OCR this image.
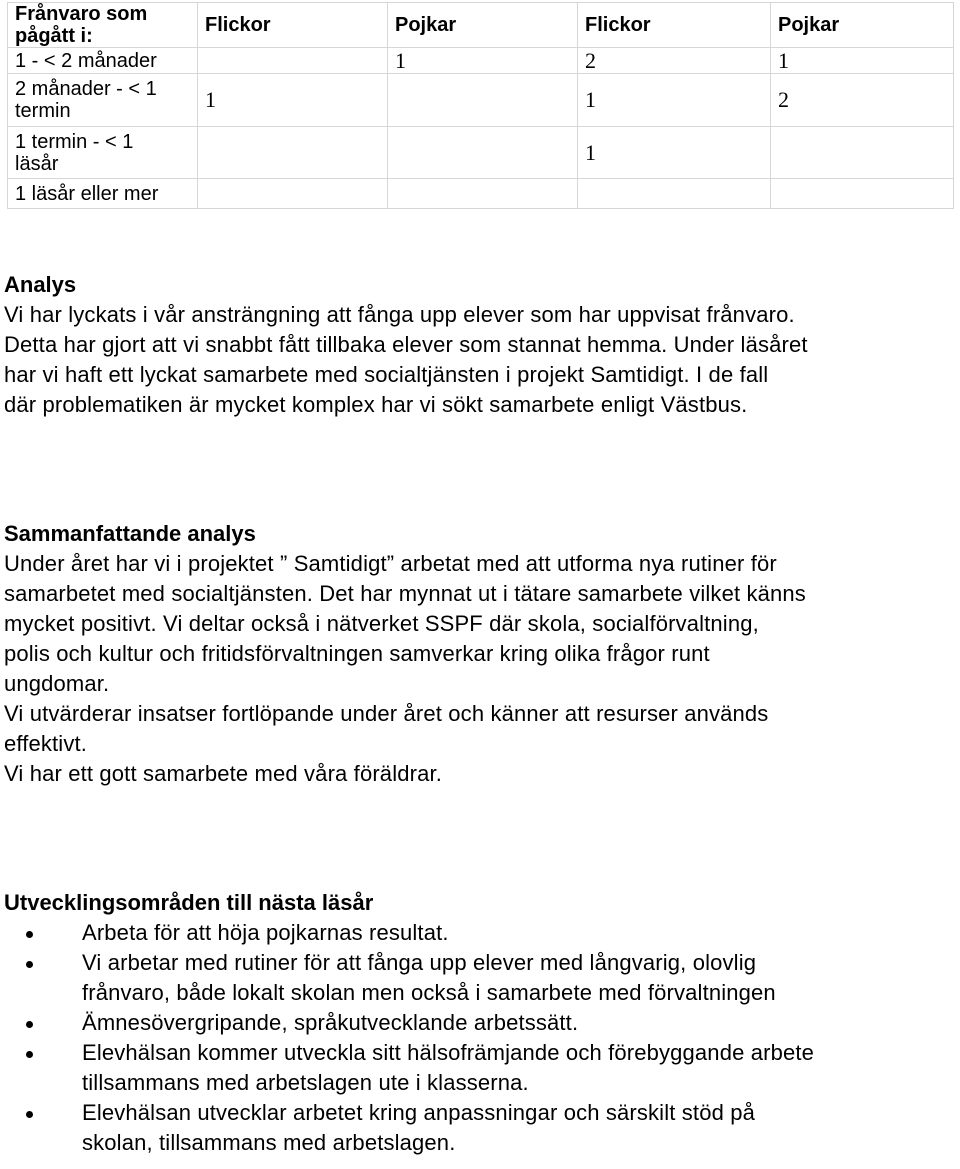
Frånvaro som
pågått i:	Flickor	Pojkar	Flickor	Pojkar
1 - < 2 månader		1	2	1
2 månader - < 1
termin	1		1	2
1 termin - < 1
läsår			1	
1 läsår eller mer				
Analys

Vi har lyckats i vår ansträngning att fånga upp elever som har uppvisat frånvaro.

Detta har gjort att vi snabbt fått tillbaka elever som stannat hemma. Under läsåret

har vi haft ett lyckat samarbete med socialtjänsten i projekt Samtidigt. I de fall

där problematiken är mycket komplex har vi sökt samarbete enligt Västbus.

Sammanfattande analys

Under året har vi i projektet ” Samtidigt” arbetat med att utforma nya rutiner för

samarbetet med socialtjänsten. Det har mynnat ut i tätare samarbete vilket känns

mycket positivt. Vi deltar också i nätverket SSPF där skola, socialförvaltning,

polis och kultur och fritidsförvaltningen samverkar kring olika frågor runt

ungdomar.

Vi utvärderar insatser fortlöpande under året och känner att resurser används

effektivt.

Vi har ett gott samarbete med våra föräldrar.

Utvecklingsområden till nästa läsår

Arbeta för att höja pojkarnas resultat.

Vi arbetar med rutiner för att fånga upp elever med långvarig, olovlig

frånvaro, både lokalt skolan men också i samarbete med förvaltningen

Ämnesövergripande, språkutvecklande arbetssätt.

Elevhälsan kommer utveckla sitt hälsofrämjande och förebyggande arbete

tillsammans med arbetslagen ute i klasserna.

Elevhälsan utvecklar arbetet kring anpassningar och särskilt stöd på

skolan, tillsammans med arbetslagen.
